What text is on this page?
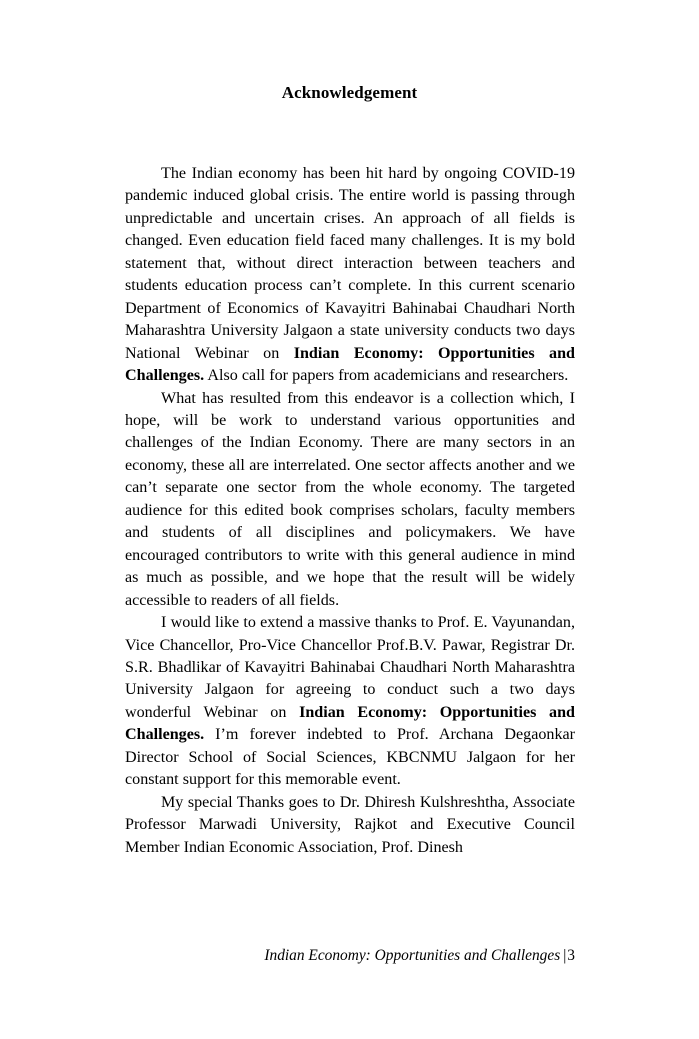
Acknowledgement

The Indian economy has been hit hard by ongoing COVID-19 pandemic induced global crisis. The entire world is passing through unpredictable and uncertain crises. An approach of all fields is changed. Even education field faced many challenges. It is my bold statement that, without direct interaction between teachers and students education process can’t complete. In this current scenario Department of Economics of Kavayitri Bahinabai Chaudhari North Maharashtra University Jalgaon a state university conducts two days National Webinar on Indian Economy: Opportunities and Challenges. Also call for papers from academicians and researchers.

What has resulted from this endeavor is a collection which, I hope, will be work to understand various opportunities and challenges of the Indian Economy. There are many sectors in an economy, these all are interrelated. One sector affects another and we can’t separate one sector from the whole economy. The targeted audience for this edited book comprises scholars, faculty members and students of all disciplines and policymakers. We have encouraged contributors to write with this general audience in mind as much as possible, and we hope that the result will be widely accessible to readers of all fields.

I would like to extend a massive thanks to Prof. E. Vayunandan, Vice Chancellor, Pro-Vice Chancellor Prof.B.V. Pawar, Registrar Dr. S.R. Bhadlikar of Kavayitri Bahinabai Chaudhari North Maharashtra University Jalgaon for agreeing to conduct such a two days wonderful Webinar on Indian Economy: Opportunities and Challenges. I’m forever indebted to Prof. Archana Degaonkar Director School of Social Sciences, KBCNMU Jalgaon for her constant support for this memorable event.

My special Thanks goes to Dr. Dhiresh Kulshreshtha, Associate Professor Marwadi University, Rajkot and Executive Council Member Indian Economic Association, Prof. Dinesh

Indian Economy: Opportunities and Challenges |3
